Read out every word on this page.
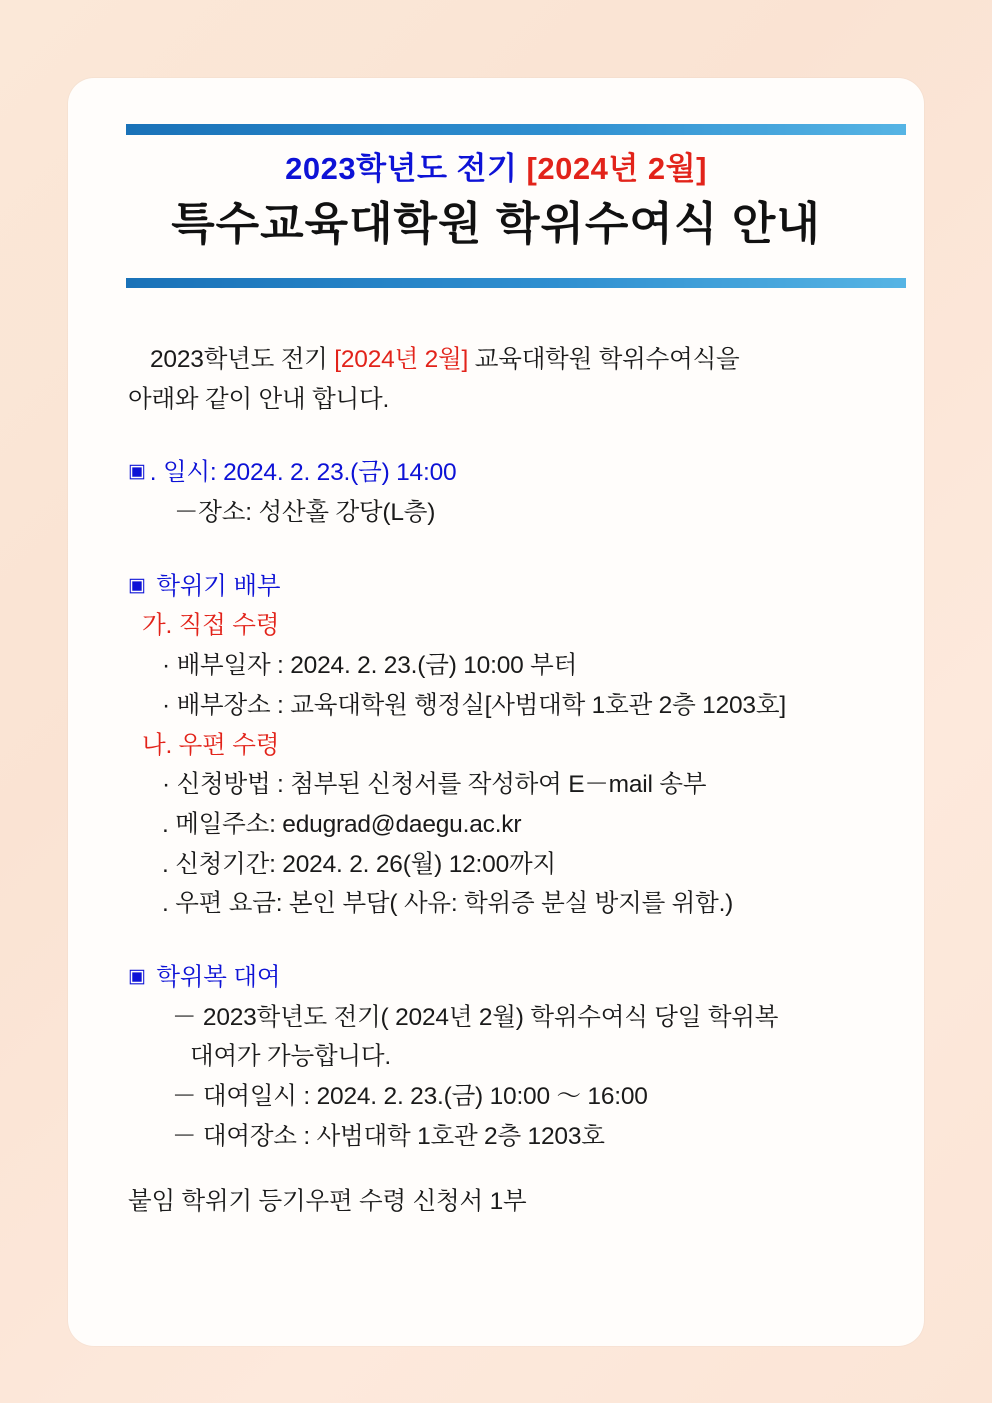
2023학년도 전기 [2024년 2월]
특수교육대학원 학위수여식 안내

2023학년도 전기 [2024년 2월] 교육대학원 학위수여식을

아래와 같이 안내 합니다.

▣ . 일시: 2024. 2. 23.(금) 14:00

－장소: 성산홀 강당(L층)

▣ 학위기 배부

가. 직접 수령

· 배부일자 : 2024. 2. 23.(금) 10:00 부터

· 배부장소 : 교육대학원 행정실[사범대학 1호관 2층 1203호]

나. 우편 수령

· 신청방법 : 첨부된 신청서를 작성하여 E－mail 송부

. 메일주소: edugrad@daegu.ac.kr

. 신청기간: 2024. 2. 26(월) 12:00까지

. 우편 요금: 본인 부담( 사유: 학위증 분실 방지를 위함.)

▣ 학위복 대여

－ 2023학년도 전기( 2024년 2월) 학위수여식 당일 학위복

대여가 가능합니다.

－ 대여일시 : 2024. 2. 23.(금) 10:00 ～ 16:00

－ 대여장소 : 사범대학 1호관 2층 1203호

붙임 학위기 등기우편 수령 신청서 1부
